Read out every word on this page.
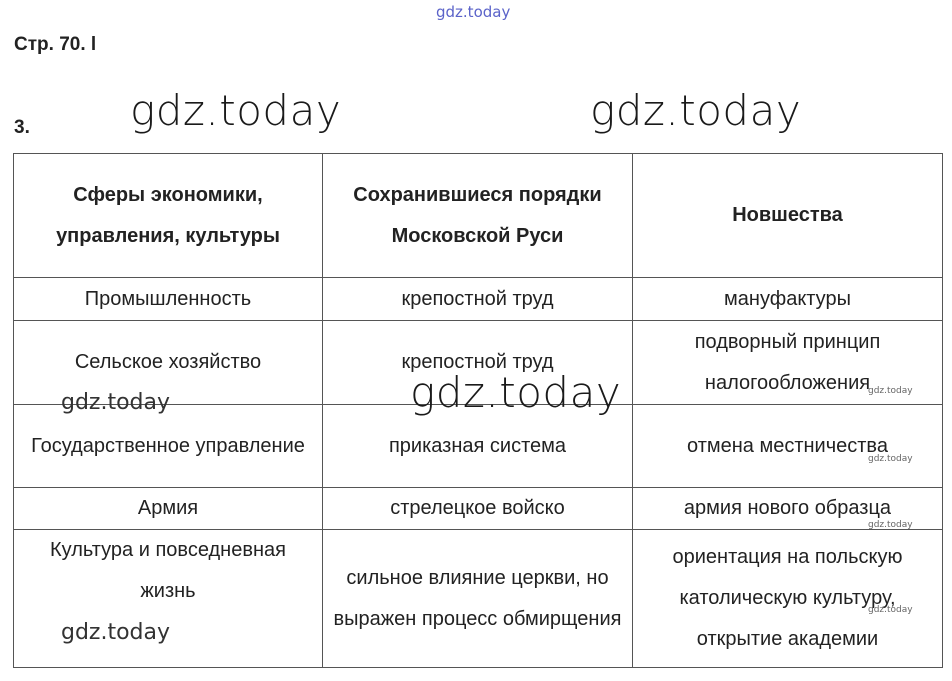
Стр. 70. l
3.
Сферы экономики, управления, культуры	Сохранившиеся порядки Московской Руси	Новшества
Промышленность	крепостной труд	мануфактуры
Сельское хозяйство	крепостной труд	подворный принцип налогообложения
Государственное управление	приказная система	отмена местничества
Армия	стрелецкое войско	армия нового образца
Культура и повседневная жизнь	сильное влияние церкви, но выражен процесс обмирщения	ориентация на польскую католическую культуру, открытие академии
gdz.today
gdz.today	gdz.today
gdz.today
gdz.today
gdz.today
gdz.today
gdz.today
gdz.today
gdz.today
